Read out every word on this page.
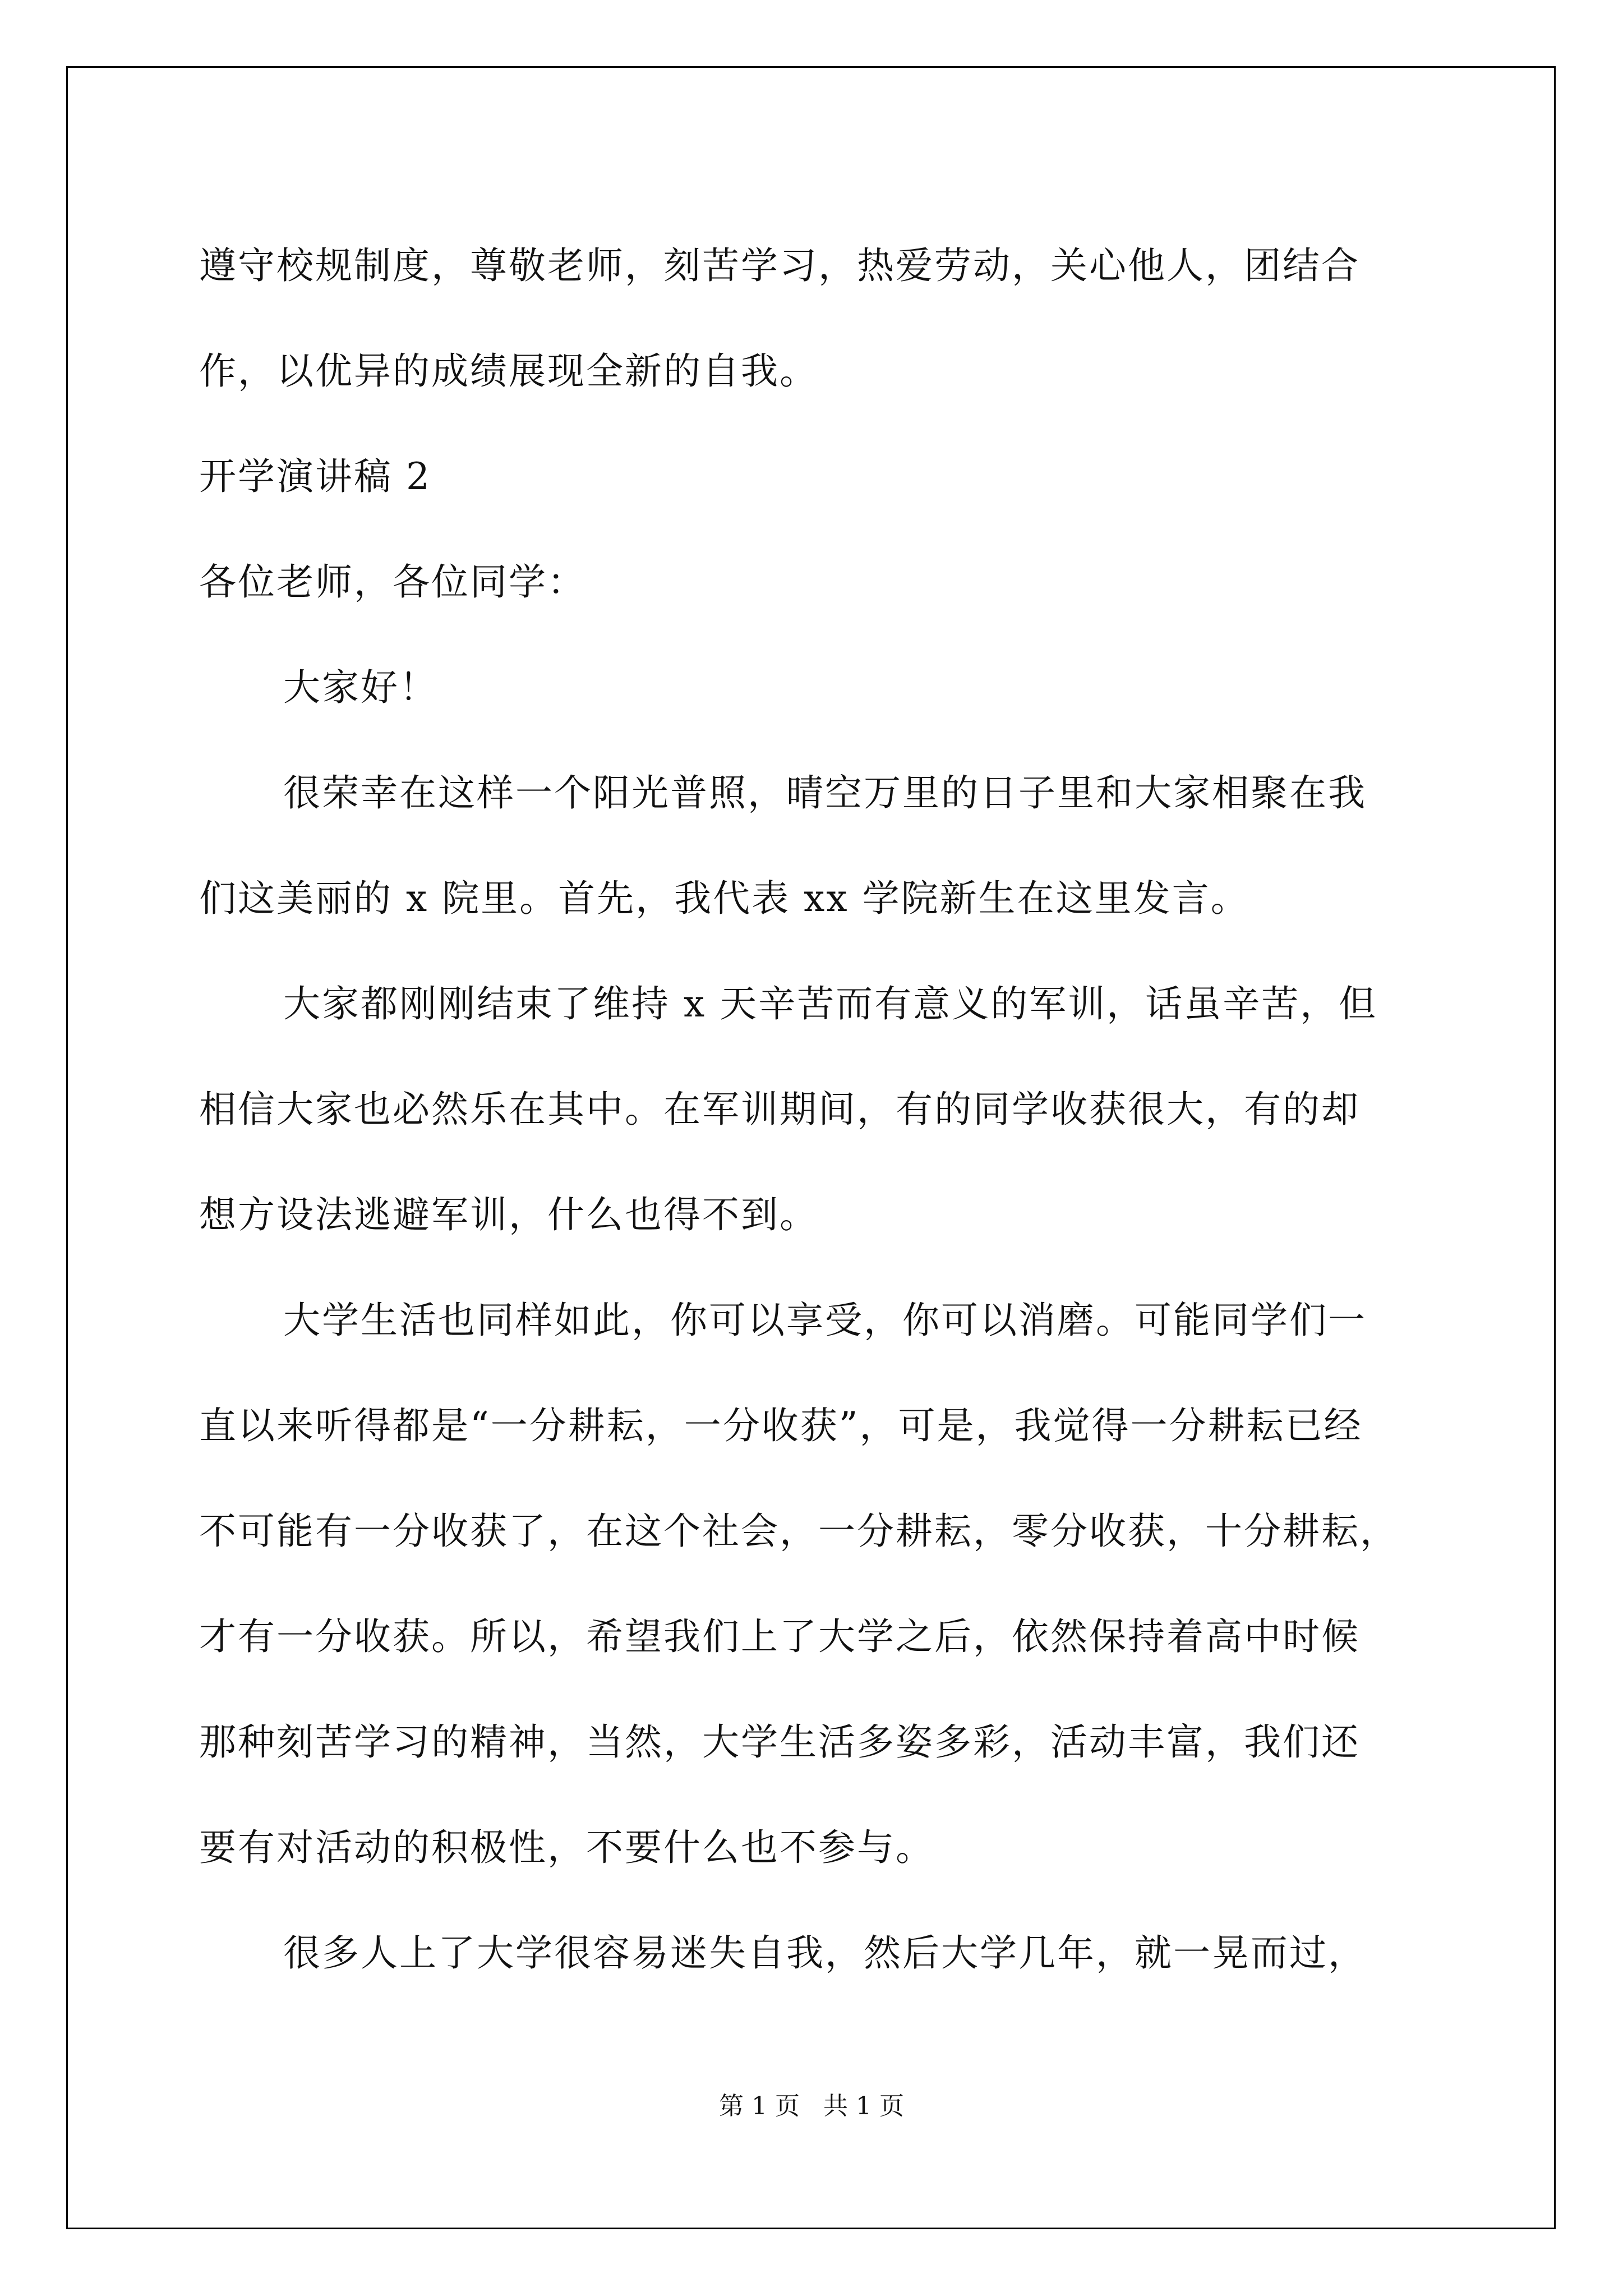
遵守校规制度，尊敬老师，刻苦学习，热爱劳动，关心他人，团结合
作，以优异的成绩展现全新的自我。
开学演讲稿 2
各位老师，各位同学：
大家好！
很荣幸在这样一个阳光普照，晴空万里的日子里和大家相聚在我
们这美丽的 x 院里。首先，我代表 xx 学院新生在这里发言。
大家都刚刚结束了维持 x 天辛苦而有意义的军训，话虽辛苦，但
相信大家也必然乐在其中。在军训期间，有的同学收获很大，有的却
想方设法逃避军训，什么也得不到。
大学生活也同样如此，你可以享受，你可以消磨。可能同学们一
直以来听得都是“一分耕耘，一分收获”，可是，我觉得一分耕耘已经
不可能有一分收获了，在这个社会，一分耕耘，零分收获，十分耕耘，
才有一分收获。所以，希望我们上了大学之后，依然保持着高中时候
那种刻苦学习的精神，当然，大学生活多姿多彩，活动丰富，我们还
要有对活动的积极性，不要什么也不参与。
很多人上了大学很容易迷失自我，然后大学几年，就一晃而过，
第 1 页   共 1 页
